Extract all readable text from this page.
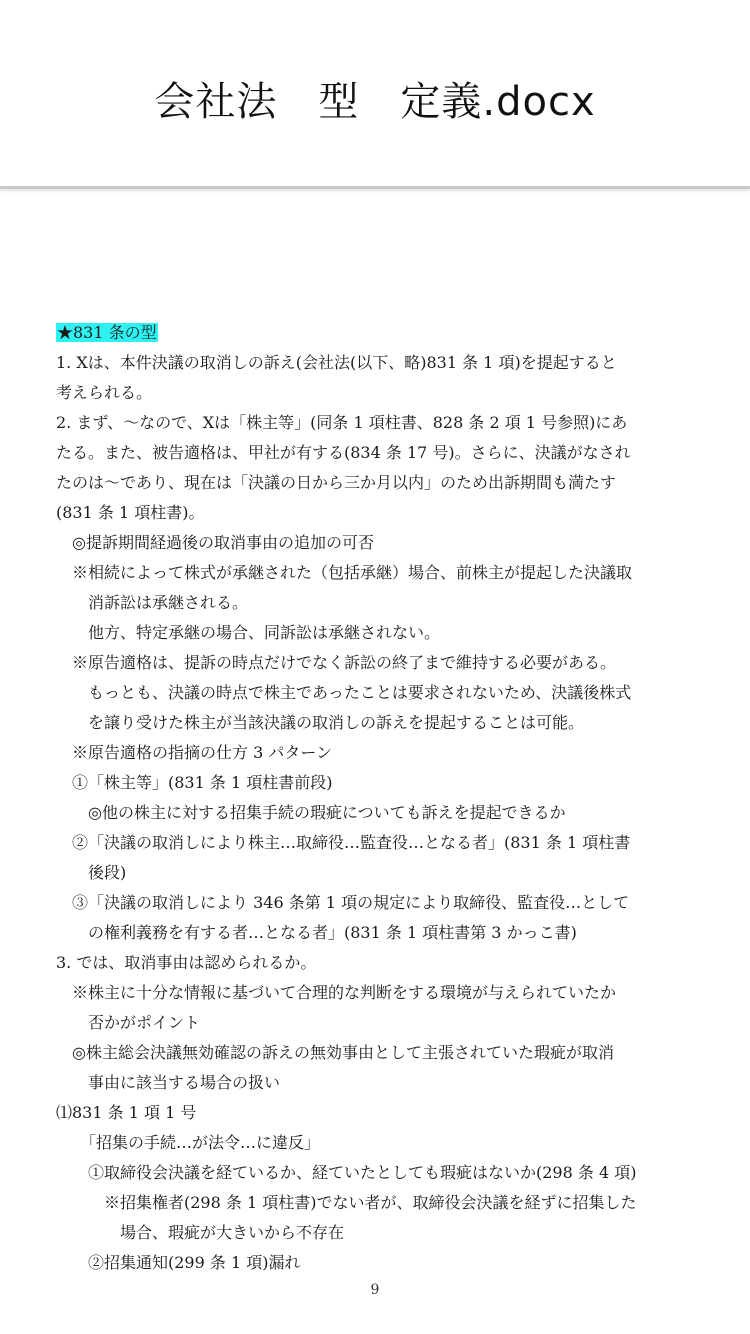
会社法　型　定義.docx
★831 条の型
1. Xは、本件決議の取消しの訴え(会社法(以下、略)831 条 1 項)を提起すると
考えられる。
2. まず、〜なので、Xは「株主等」(同条 1 項柱書、828 条 2 項 1 号参照)にあ
たる。また、被告適格は、甲社が有する(834 条 17 号)。さらに、決議がなされ
たのは〜であり、現在は「決議の日から三か月以内」のため出訴期間も満たす
(831 条 1 項柱書)。
◎提訴期間経過後の取消事由の追加の可否
※相続によって株式が承継された（包括承継）場合、前株主が提起した決議取
消訴訟は承継される。
他方、特定承継の場合、同訴訟は承継されない。
※原告適格は、提訴の時点だけでなく訴訟の終了まで維持する必要がある。
もっとも、決議の時点で株主であったことは要求されないため、決議後株式
を譲り受けた株主が当該決議の取消しの訴えを提起することは可能。
※原告適格の指摘の仕方 3 パターン
①「株主等」(831 条 1 項柱書前段)
◎他の株主に対する招集手続の瑕疵についても訴えを提起できるか
②「決議の取消しにより株主…取締役…監査役…となる者」(831 条 1 項柱書
後段)
③「決議の取消しにより 346 条第 1 項の規定により取締役、監査役…として
の権利義務を有する者…となる者」(831 条 1 項柱書第 3 かっこ書)
3. では、取消事由は認められるか。
※株主に十分な情報に基づいて合理的な判断をする環境が与えられていたか
否かがポイント
◎株主総会決議無効確認の訴えの無効事由として主張されていた瑕疵が取消
事由に該当する場合の扱い
⑴831 条 1 項 1 号
「招集の手続…が法令…に違反」
①取締役会決議を経ているか、経ていたとしても瑕疵はないか(298 条 4 項)
※招集権者(298 条 1 項柱書)でない者が、取締役会決議を経ずに招集した
場合、瑕疵が大きいから不存在
②招集通知(299 条 1 項)漏れ
9
